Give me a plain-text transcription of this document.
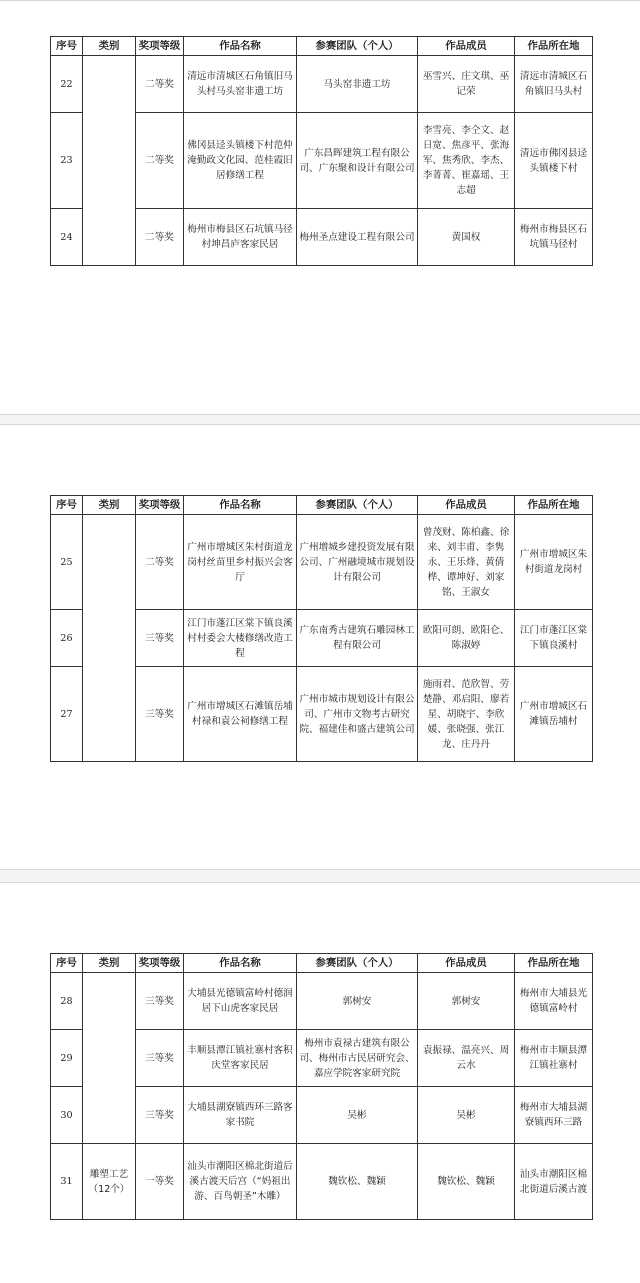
序号	类别	奖项等级	作品名称	参赛团队（个人）	作品成员	作品所在地
22		二等奖	清远市清城区石角镇旧马头村马头窑非遗工坊	马头窑非遗工坊	巫雪兴、庄文琪、巫记荣	清远市清城区石角镇旧马头村
23		二等奖	佛冈县迳头镇楼下村范仲淹勤政文化园、范桂霞旧居修缮工程	广东昌晖建筑工程有限公司、广东聚和设计有限公司	李雪亮、李仝文、赵日宽、焦彦平、张海军、焦秀欣、李杰、李菁菁、崔嘉瑶、王志超	清远市佛冈县迳头镇楼下村
24		二等奖	梅州市梅县区石坑镇马径村坤昌庐客家民居	梅州圣点建设工程有限公司	黄国权	梅州市梅县区石坑镇马径村
序号	类别	奖项等级	作品名称	参赛团队（个人）	作品成员	作品所在地
25		二等奖	广州市增城区朱村街道龙岗村丝苗里乡村振兴会客厅	广州增城乡建投资发展有限公司、广州融境城市规划设计有限公司	曾茂财、陈柏鑫、徐来、刘丰甫、李隽永、王乐烽、黄倩桦、谭坤好、刘家铭、王淑女	广州市增城区朱村街道龙岗村
26		三等奖	江门市蓬江区棠下镇良溪村村委会大楼修缮改造工程	广东南秀古建筑石雕园林工程有限公司	欧阳可朗、欧阳仑、陈淑婷	江门市蓬江区棠下镇良溪村
27		三等奖	广州市增城区石滩镇岳埔村禄和袁公祠修缮工程	广州市城市规划设计有限公司、广州市文物考古研究院、福建佳和盛古建筑公司	施雨君、范欣智、劳楚静、邓启阳、廖若星、胡晓宇、李欣媛、张晓强、张江龙、庄丹丹	广州市增城区石滩镇岳埔村
序号	类别	奖项等级	作品名称	参赛团队（个人）	作品成员	作品所在地
28		三等奖	大埔县光德镇富岭村德润居下山虎客家民居	郭树安	郭树安	梅州市大埔县光德镇富岭村
29		三等奖	丰顺县潭江镇社寨村客积庆堂客家民居	梅州市袁禄古建筑有限公司、梅州市古民居研究会、嘉应学院客家研究院	袁振禄、温亮兴、周云水	梅州市丰顺县潭江镇社寨村
30		三等奖	大埔县湖寮镇西环三路客家书院	吴彬	吴彬	梅州市大埔县湖寮镇西环三路
31	雕塑工艺（12个）	一等奖	汕头市潮阳区棉北街道后溪古渡天后宫（“妈祖出游、百鸟朝圣”木雕）	魏钦松、魏颖	魏钦松、魏颖	汕头市潮阳区棉北街道后溪古渡
